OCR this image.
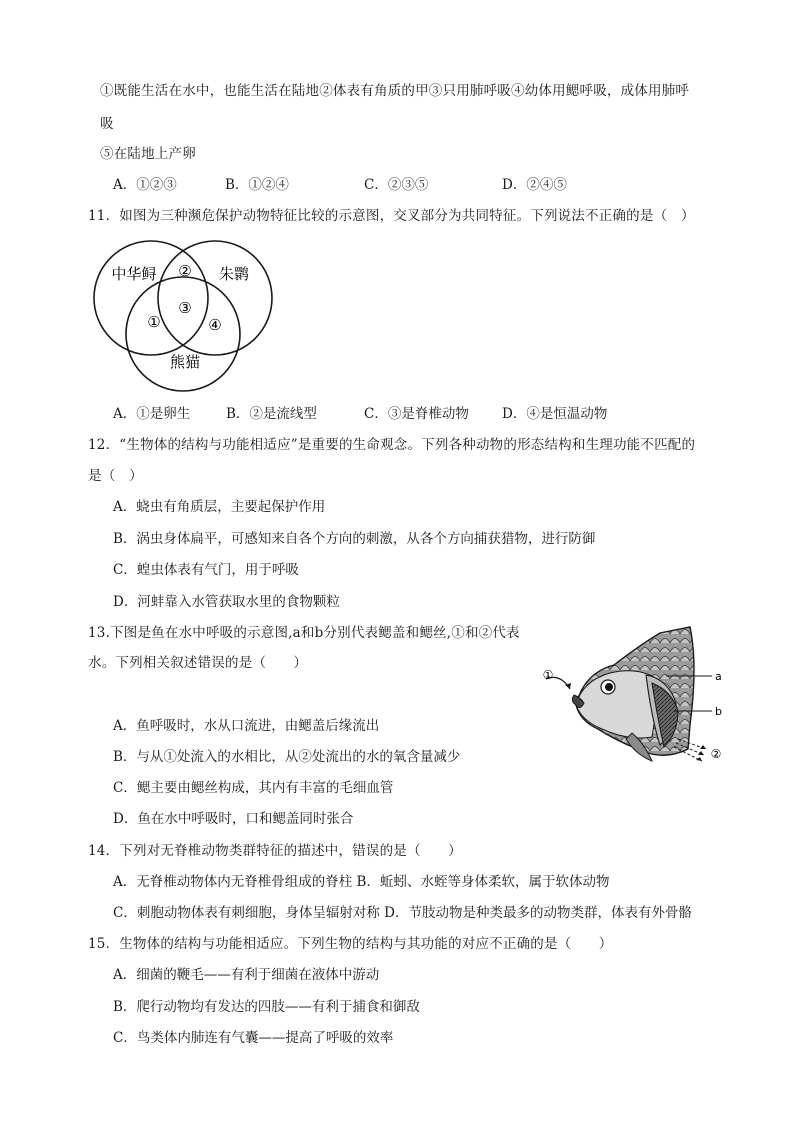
①既能生活在水中，也能生活在陆地②体表有角质的甲③只用肺呼吸④幼体用鳃呼吸，成体用肺呼
吸
⑤在陆地上产卵
A．①②③	B．①②④	C．②③⑤	D．②④⑤
11．如图为三种濒危保护动物特征比较的示意图，交叉部分为共同特征。下列说法不正确的是（　）
中华鲟	朱鹮
熊猫
①
②
③
④
A．①是卵生	B．②是流线型	C．③是脊椎动物 D．④是恒温动物
12．“生物体的结构与功能相适应”是重要的生命观念。下列各种动物的形态结构和生理功能不匹配的
是（　）
A．蛲虫有角质层，主要起保护作用
B．涡虫身体扁平，可感知来自各个方向的刺激，从各个方向捕获猎物，进行防御
C．蝗虫体表有气门，用于呼吸
D．河蚌靠入水管获取水里的食物颗粒
13.下图是鱼在水中呼吸的示意图,a和b分别代表鳃盖和鳃丝,①和②代表
水。下列相关叙述错误的是（　　）
①	a
b
②
A．鱼呼吸时，水从口流进，由鳃盖后缘流出
B．与从①处流入的水相比，从②处流出的水的氧含量减少
C．鳃主要由鳃丝构成，其内有丰富的毛细血管
D．鱼在水中呼吸时，口和鳃盖同时张合
14．下列对无脊椎动物类群特征的描述中，错误的是（　　）
A．无脊椎动物体内无脊椎骨组成的脊柱 B．蚯蚓、水蛭等身体柔软，属于软体动物
C．刺胞动物体表有刺细胞，身体呈辐射对称 D．节肢动物是种类最多的动物类群，体表有外骨骼
15．生物体的结构与功能相适应。下列生物的结构与其功能的对应不正确的是（　　）
A．细菌的鞭毛——有利于细菌在液体中游动
B．爬行动物均有发达的四肢——有利于捕食和御敌
C．鸟类体内肺连有气囊——提高了呼吸的效率
